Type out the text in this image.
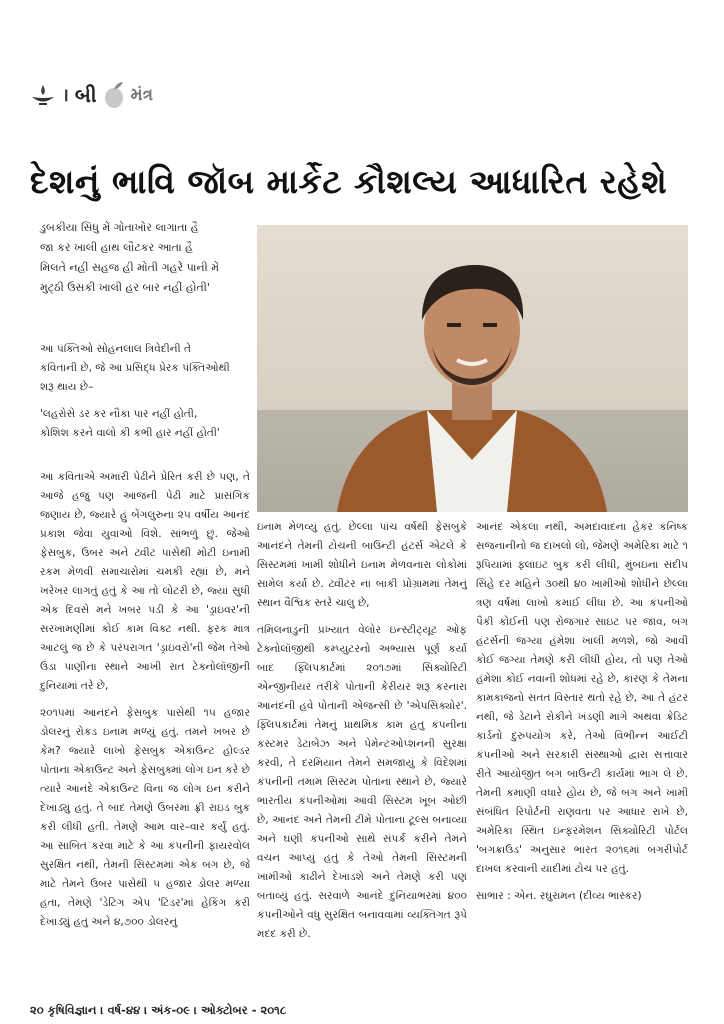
। બી મંત્ર
દેશનું ભાવિ જૉબ માર્કેટ કૌશલ્ય આધારિત રહેશે
ડુબકીયા સિંધુ મેં ગોતાખોર લાગાતા હૈ
જા કર ખાલી હાથ લૌટકર આતા હૈ
મિલતે નહીં સહજ હી મોતી ગહરે પાની મેં
મુટ્ઠી ઉસકી ખાલી હર બાર નહીં હોતી'
આ પંક્તિઓ સોહનલાલ ત્રિવેદીની તે
કવિતાની છે, જે આ પ્રસિદ્ધ પ્રેરક પંક્તિઓથી
શરૂ થાય છે–
'લહરોસે ડર કર નૌકા પાર નહીં હોતી,
કોશિશ કરને વાલો કી કભી હાર નહીં હોતી'

આ કવિતાએ અમારી પેઢીને પ્રેરિત કરી છે પણ, તે આજે હજુ પણ આજની પેઢી માટે પ્રાસંગિક જણાય છે, જ્યારે હું બેંગલુરુના ૨૫ વર્ષીય આનંદ પ્રકાશ જેવા યુવાઓ વિશે. સાંભળું છું. જેઓ ફેસબુક, ઉબર અને ટ્વીટ પાસેથી મોટી ઇનામી રકમ મેળવી સમાચારોમાં ચમકી રહ્યાં છે, મને ખરેખર લાગતું હતું કે આ તો લોટરી છે, જ્યાં સુધી એક દિવસે મને ખબર પડી કે આ 'ડ્રાઇવર'ની સરખામણીમાં કોઈ કામ વિક્ટ નથી. ફરક માત્ર આટલું જ છે કે પરંપરાગત 'ડ્રાઇવરો'ની જેમ તેઓ ઉંડા પાણીના સ્થાને આખી રાત ટેક્નોલૉજીની દુનિયામાં તરે છે,

૨૦૧૫માં આનંદને ફેસબુક પાસેથી ૧૫ હજાર ડોલરનું રોકડ ઇનામ મળ્યું હતું. તમને ખબર છે કેમ? જ્યારે લાખો ફેસબુક એકાઉન્ટ હોલ્ડર પોતાના એકાઉન્ટ અને ફેસબુક્માં લોગ ઇન કરે છે ત્યારે આનંદે એકાઉન્ટ વિના જ લોગ ઇન કરીને દેખાડ્યું હતું. તે બાદ તેમણે ઉબરમાં ફ્રી રાઇડ બુક કરી લીધી હતી. તેમણે આમ વાર–વાર કર્યું હતું. આ સાબિત કરવા માટે કે આ કંપનીની ફાયરવોલ સુરક્ષિત નથી, તેમની સિસ્ટમમાં એક બગ છે, જે માટે તેમને ઉબર પાસેથી ૫ હજાર ડોલર મળ્યા હતા, તેમણે 'ડેટિંગ એપ 'ટિંડર'માં હેકિંગ કરી દેખાડ્યું હતું અને ૪,૭૦૦ ડોલરનું

ઇનામ મેળવ્યું હતું. છેલ્લા પાંચ વર્ષથી ફેસબુકે આનંદને તેમની ટોચની બાઉન્ટી હંટર્સ એટલે કે સિસ્ટમમાં ખામી શોધીને ઇનામ મેળવનારા લોકોમાં સામેલ કર્યા છે. ટ્વીટર ના બાકી પ્રોગ્રામમાં તેમનું સ્થાન વૈશ્વિક સ્તરે ચાલુ છે,

તમિલનાડુની પ્રખ્યાત વેલોર ઇન્સ્ટીટ્યૂટ ઓફ ટેક્નોલૉજીથી કમ્પ્યુટરનો અભ્યાસ પૂર્ણ કર્યા બાદ ફ્લિપકાર્ટમાં ૨૦૧૭માં સિક્યોરિટી એન્જીનીયર તરીકે પોતાની કેરીયર શરૂ કરનારા આનંદની હવે પોતાની એજન્સી છે 'એપસિક્યોર'. ફ્લિપકાર્ટમાં તેમનું પ્રાથમિક કામ હતુ કંપનીના કસ્ટમર ડેટાબેઝ અને પેમેન્ટઓપ્શનની સુરક્ષા કરવી, તે દરમિયાન તેમને સમજાયું કે વિદેશમાં કંપનીની તમામ સિસ્ટમ પોતાના સ્થાને છે, જ્યારે ભારતીય કંપનીઓમાં આવી સિસ્ટમ ખૂબ ઓછી છે, આનંદ અને તેમની ટીમે પોતાના ટૂલ્સ બનાવ્યા અને ઘણી કંપનીઓ સાથે સંપર્ક કરીને તેમને વચન આપ્યું હતું કે તેઓ તેમની સિસ્ટમની ખામીઓ કાઢીને દેખાડશે અને તેમણે કરી પણ બતાવ્યું હતું. સરવાળે આનંદે દુનિયાભરમાં ૪૦૦ કંપનીઓને વધુ સુરક્ષિત બનાવવામાં વ્યક્તિગત રૂપે મદદ કરી છે.

આનંદ એકલા નથી, અમદાવાદના હેકર કનિષ્ક સજનાનીનો જ દાખલો લો, જેમણે અમેરિકા માટે ૧ રૂપિયામાં ફ્લાઇટ બુક કરી લીધી, મુંબઇના સંદીપ સિંહે દર મહિને ૩૦થી ૪૦ ખામીઓ શોધીને છેલ્લા ત્રણ વર્ષમાં લાખો કમાઈ લીધા છે. આ કંપનીઓ પૈકી કોઈની પણ રોજગાર સાઇટ પર જાવ, બગ હંટર્સની જગ્યા હંમેશા ખાલી મળશે, જો આવી કોઈ જગ્યા તેમણે કરી લીધી હોય, તો પણ તેઓ હંમેશા કોઈ નવાની શોધમાં રહે છે, કારણ કે તેમના કામકાજનો સતત વિસ્તાર થતો રહે છે, આ તે હંટર નથી, જે ડેટાને રોકીને ખંડણી માગે અથવા ક્રેડિટ કાર્ડનો દુરુપયોગ કરે, તેઓ વિભીન્ન આઈટી કંપનીઓ અને સરકારી સંસ્થાઓ દ્વારા સત્તાવાર રીતે આયોજીત બગ બાઉન્ટી કાર્યમાં ભાગ લે છે. તેમની કમાણી વધારે હોય છે, જે બગ અને ખામી સંબંધિત રિપોર્ટની રાણવતા પર આધાર રાખે છે, અમેરિકા સ્થિત ઇન્ફરમેશન સિક્યોરિટી પોર્ટલ 'બગક્રાઉડ' અનુસાર ભારત ૨૦૧૬માં બગરીપોર્ટ દાખલ કરવાની યાદીમાં ટોચ પર હતું.

સાભાર : એન. રઘુરામન (દીવ્ય ભાસ્કર)

૨૦ કૃષિવિજ્ઞાન । વર્ષ-૪૪ । અંક-૦૯ । ઓક્ટોબર - ૨૦૧૮
